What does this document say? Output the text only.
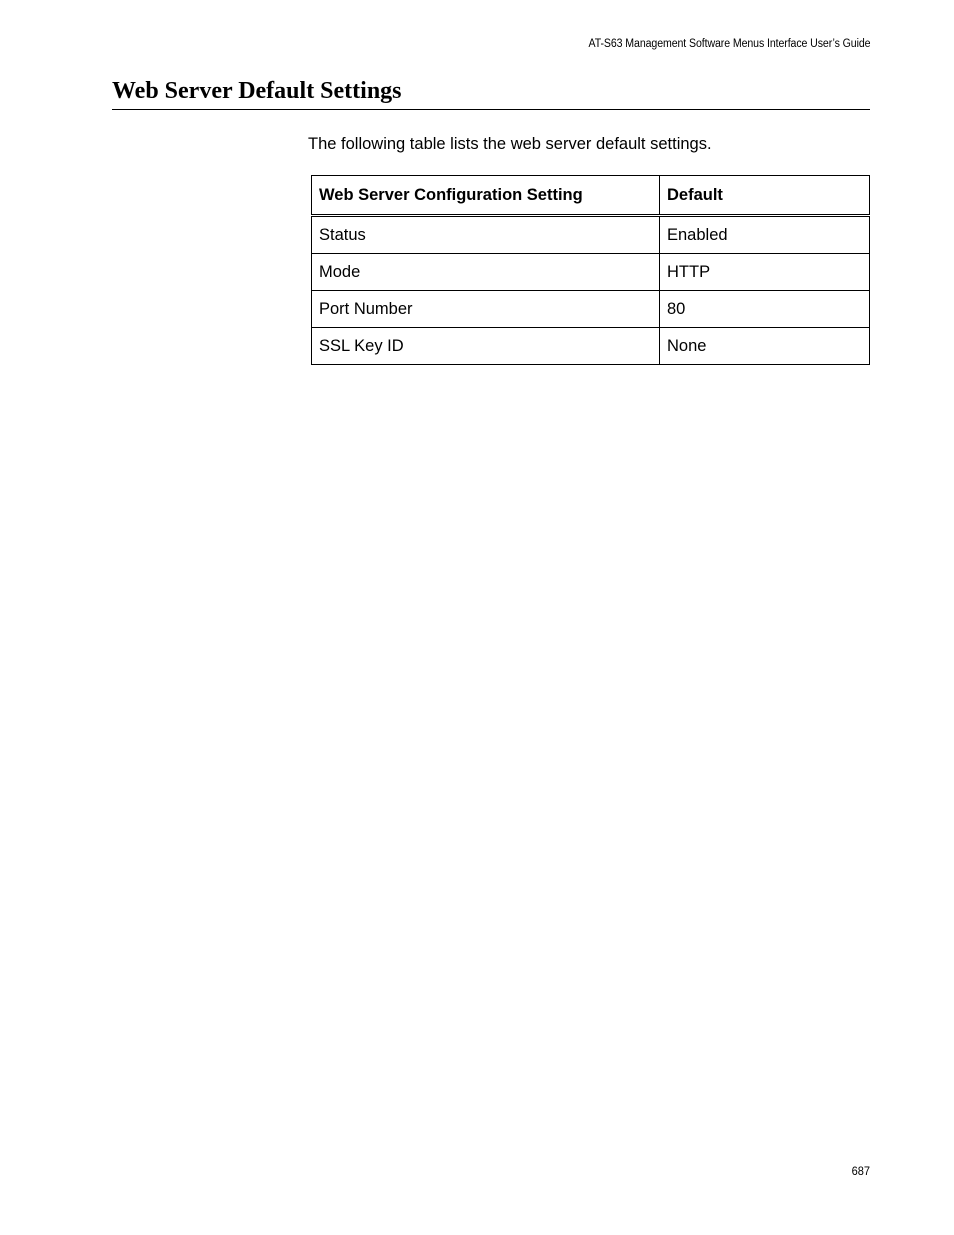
AT-S63 Management Software Menus Interface User’s Guide
Web Server Default Settings

The following table lists the web server default settings.

Web Server Configuration Setting	Default
Status	Enabled
Mode	HTTP
Port Number	80
SSL Key ID	None
687
